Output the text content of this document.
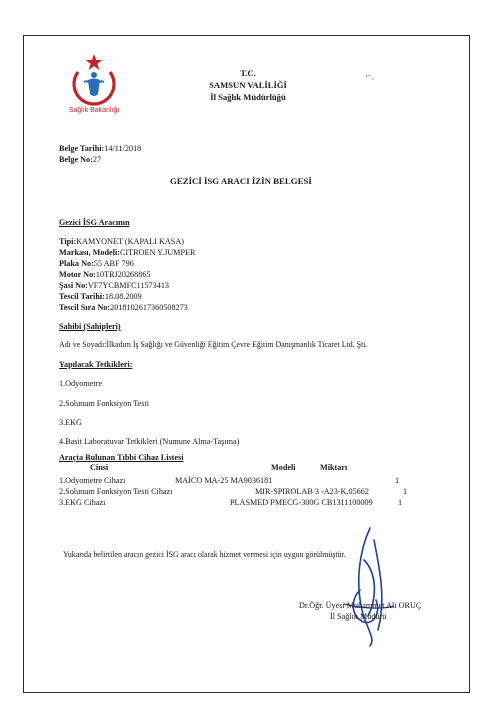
Sağlık Bakanlığı
T.C.
SAMSUN VALİLİĞİ
İl Sağlık Müdürlüğü
⌐ˎ
Belge Tarihi:14/11/2018
Belge No:27
GEZİCİ İSG ARACI İZİN BELGESİ
Gezici İSG Aracının
Tipi:KAMYONET (KAPALI KASA)
Markası, Modeli:CITROEN Y.JUMPER
Plaka No:55 ABF 796
Motor No:10TRJ20268865
Şasi No:VF7YCBMFC11573413
Tescil Tarihi:18.08.2009
Tescil Sıra No:20181026173605082​73
Sahibi (Sahipleri)
Adı ve Soyadı:İlkadım İş Sağlığı ve Güvenliği Eğitim Çevre Eğitim Danışmanlık Ticaret Ltd. Şti.
Yapılacak Tetkikleri:
1.Odyometre
2.Solunum Fonksiyon Testi
3.EKG
4.Basit Laboratuvar Tetkikleri (Numune Alma-Taşıma)
Araçta Bulunan Tıbbi Cihaz Listesi
Cinsi	Modeli	Miktarı
1.Odyometre Cihazı	MAİCO MA-25 MA9036181	1
2.Solunum Fonksiyon Testi Cihazı	MIR-SPIROLAB 3 -A23-K.05662	1
3.EKG Cihazı	PLASMED PMECG-300G CB1311100009	1
Yukarıda belirtilen aracın gezici İSG aracı olarak hizmet vermesi için uygun görülmüştür.
Dr.Öğr. Üyesi Muhammet Ali ORUÇ
İl Sağlık Müdürü
